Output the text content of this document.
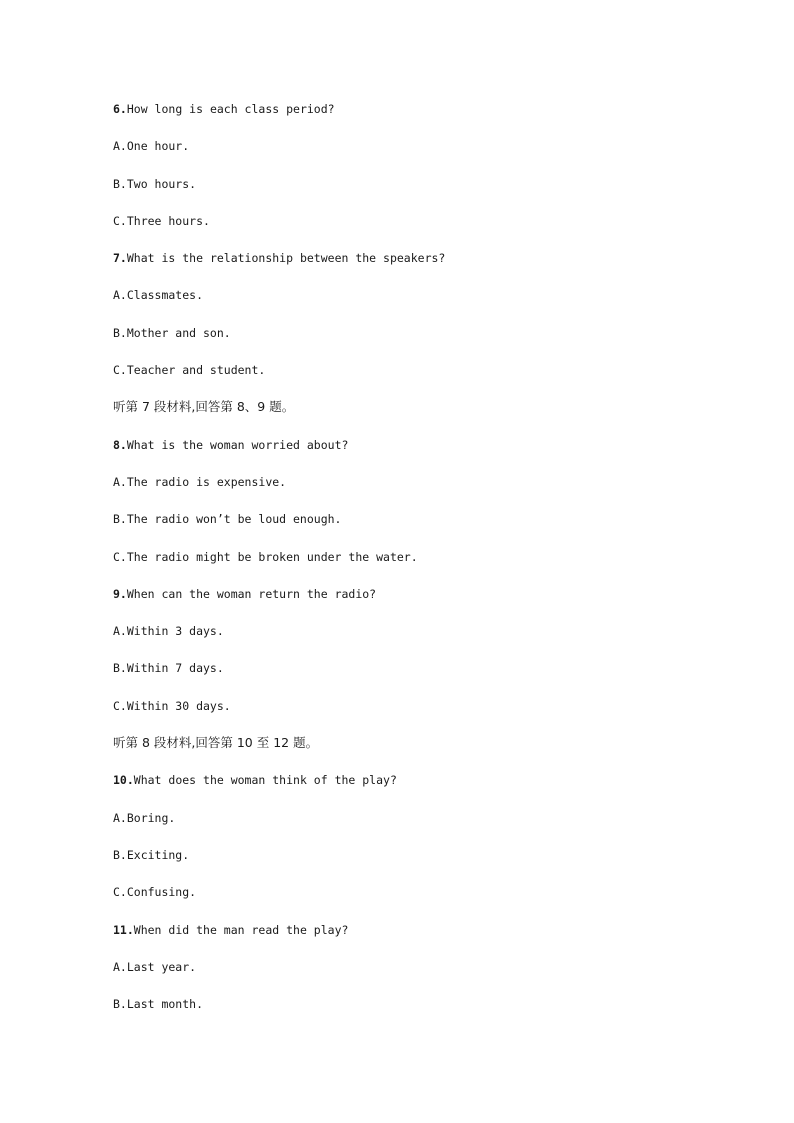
6.How long is each class period?
A.One hour.
B.Two hours.
C.Three hours.
7.What is the relationship between the speakers?
A.Classmates.
B.Mother and son.
C.Teacher and student.
听第 7 段材料,回答第 8、9 题。
8.What is the woman worried about?
A.The radio is expensive.
B.The radio won’t be loud enough.
C.The radio might be broken under the water.
9.When can the woman return the radio?
A.Within 3 days.
B.Within 7 days.
C.Within 30 days.
听第 8 段材料,回答第 10 至 12 题。
10.What does the woman think of the play?
A.Boring.
B.Exciting.
C.Confusing.
11.When did the man read the play?
A.Last year.
B.Last month.
